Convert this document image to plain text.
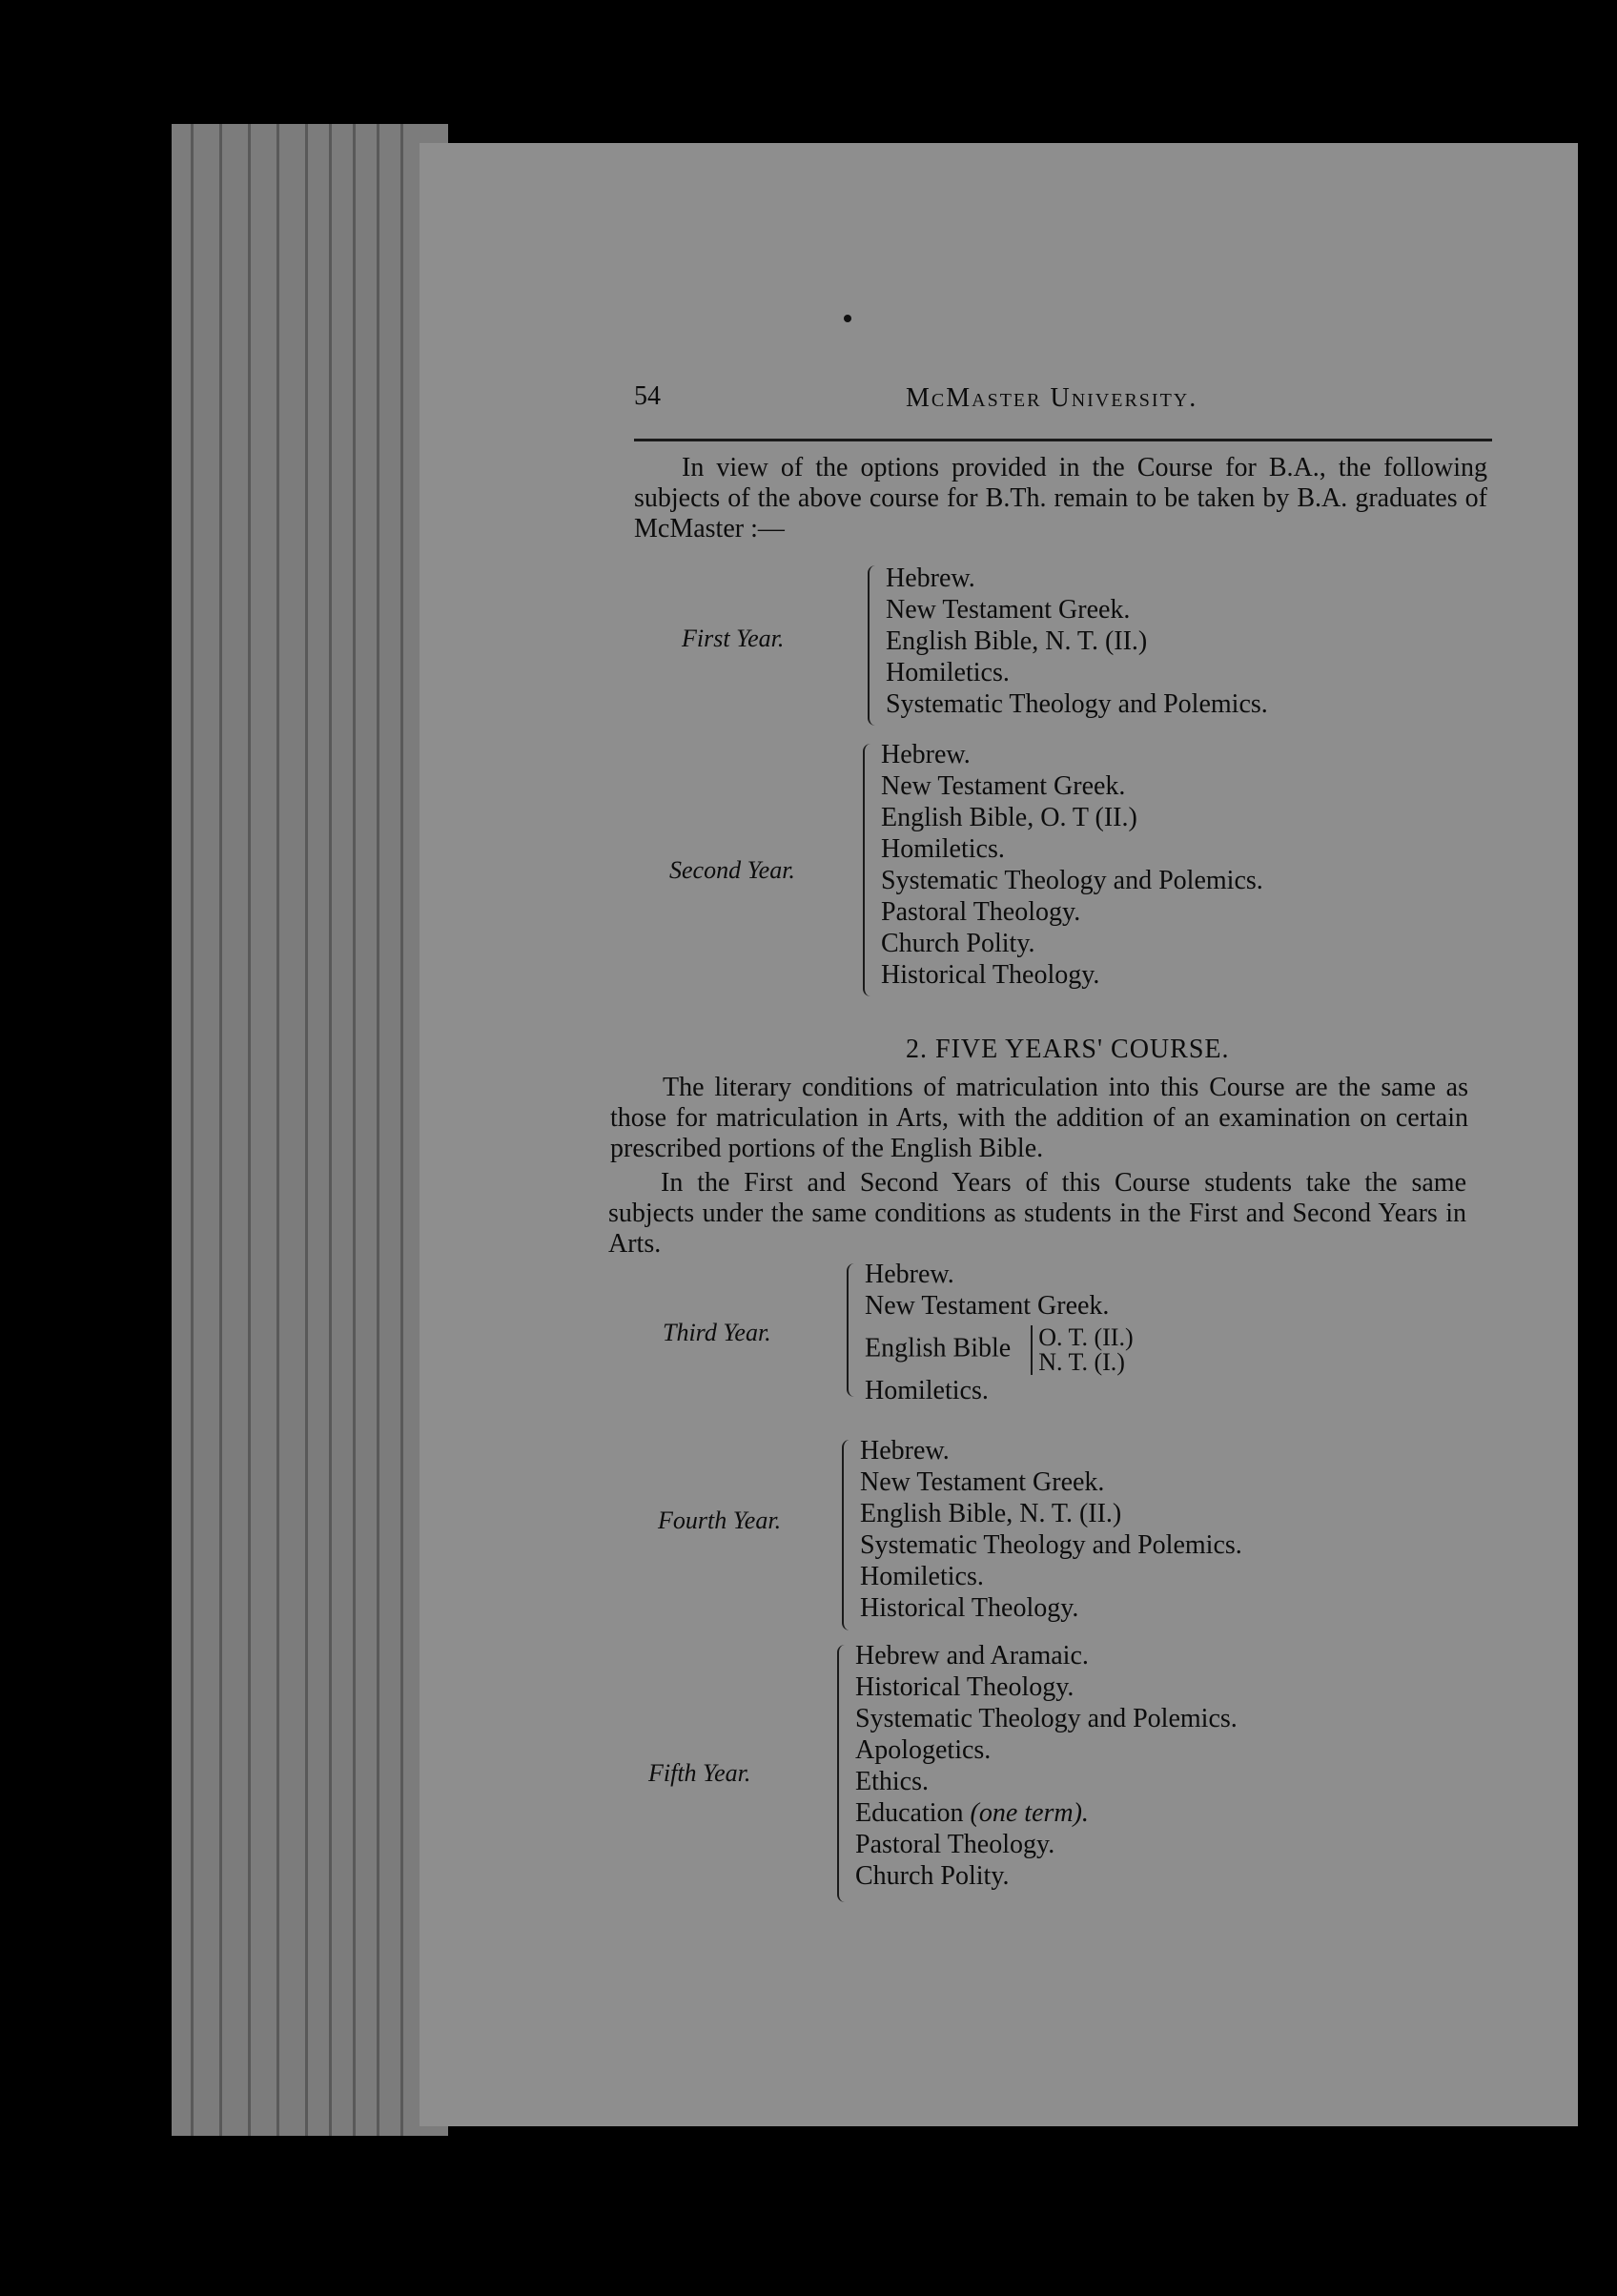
54	McMaster University.
In view of the options provided in the Course for B.A., the following subjects of the above course for B.Th. remain to be taken by B.A. graduates of McMaster :—
First Year.
Hebrew.
New Testament Greek.
English Bible, N. T. (II.)
Homiletics.
Systematic Theology and Polemics.
Second Year.
Hebrew.
New Testament Greek.
English Bible, O. T (II.)
Homiletics.
Systematic Theology and Polemics.
Pastoral Theology.
Church Polity.
Historical Theology.
2. FIVE YEARS' COURSE.
The literary conditions of matriculation into this Course are the same as those for matriculation in Arts, with the addition of an examination on certain prescribed portions of the English Bible.
In the First and Second Years of this Course students take the same subjects under the same conditions as students in the First and Second Years in Arts.
Third Year.
Hebrew.
New Testament Greek.
English Bible O. T. (II.)
N. T. (I.)
Homiletics.
Fourth Year.
Hebrew.
New Testament Greek.
English Bible, N. T. (II.)
Systematic Theology and Polemics.
Homiletics.
Historical Theology.
Fifth Year.
Hebrew and Aramaic.
Historical Theology.
Systematic Theology and Polemics.
Apologetics.
Ethics.
Education (one term).
Pastoral Theology.
Church Polity.
